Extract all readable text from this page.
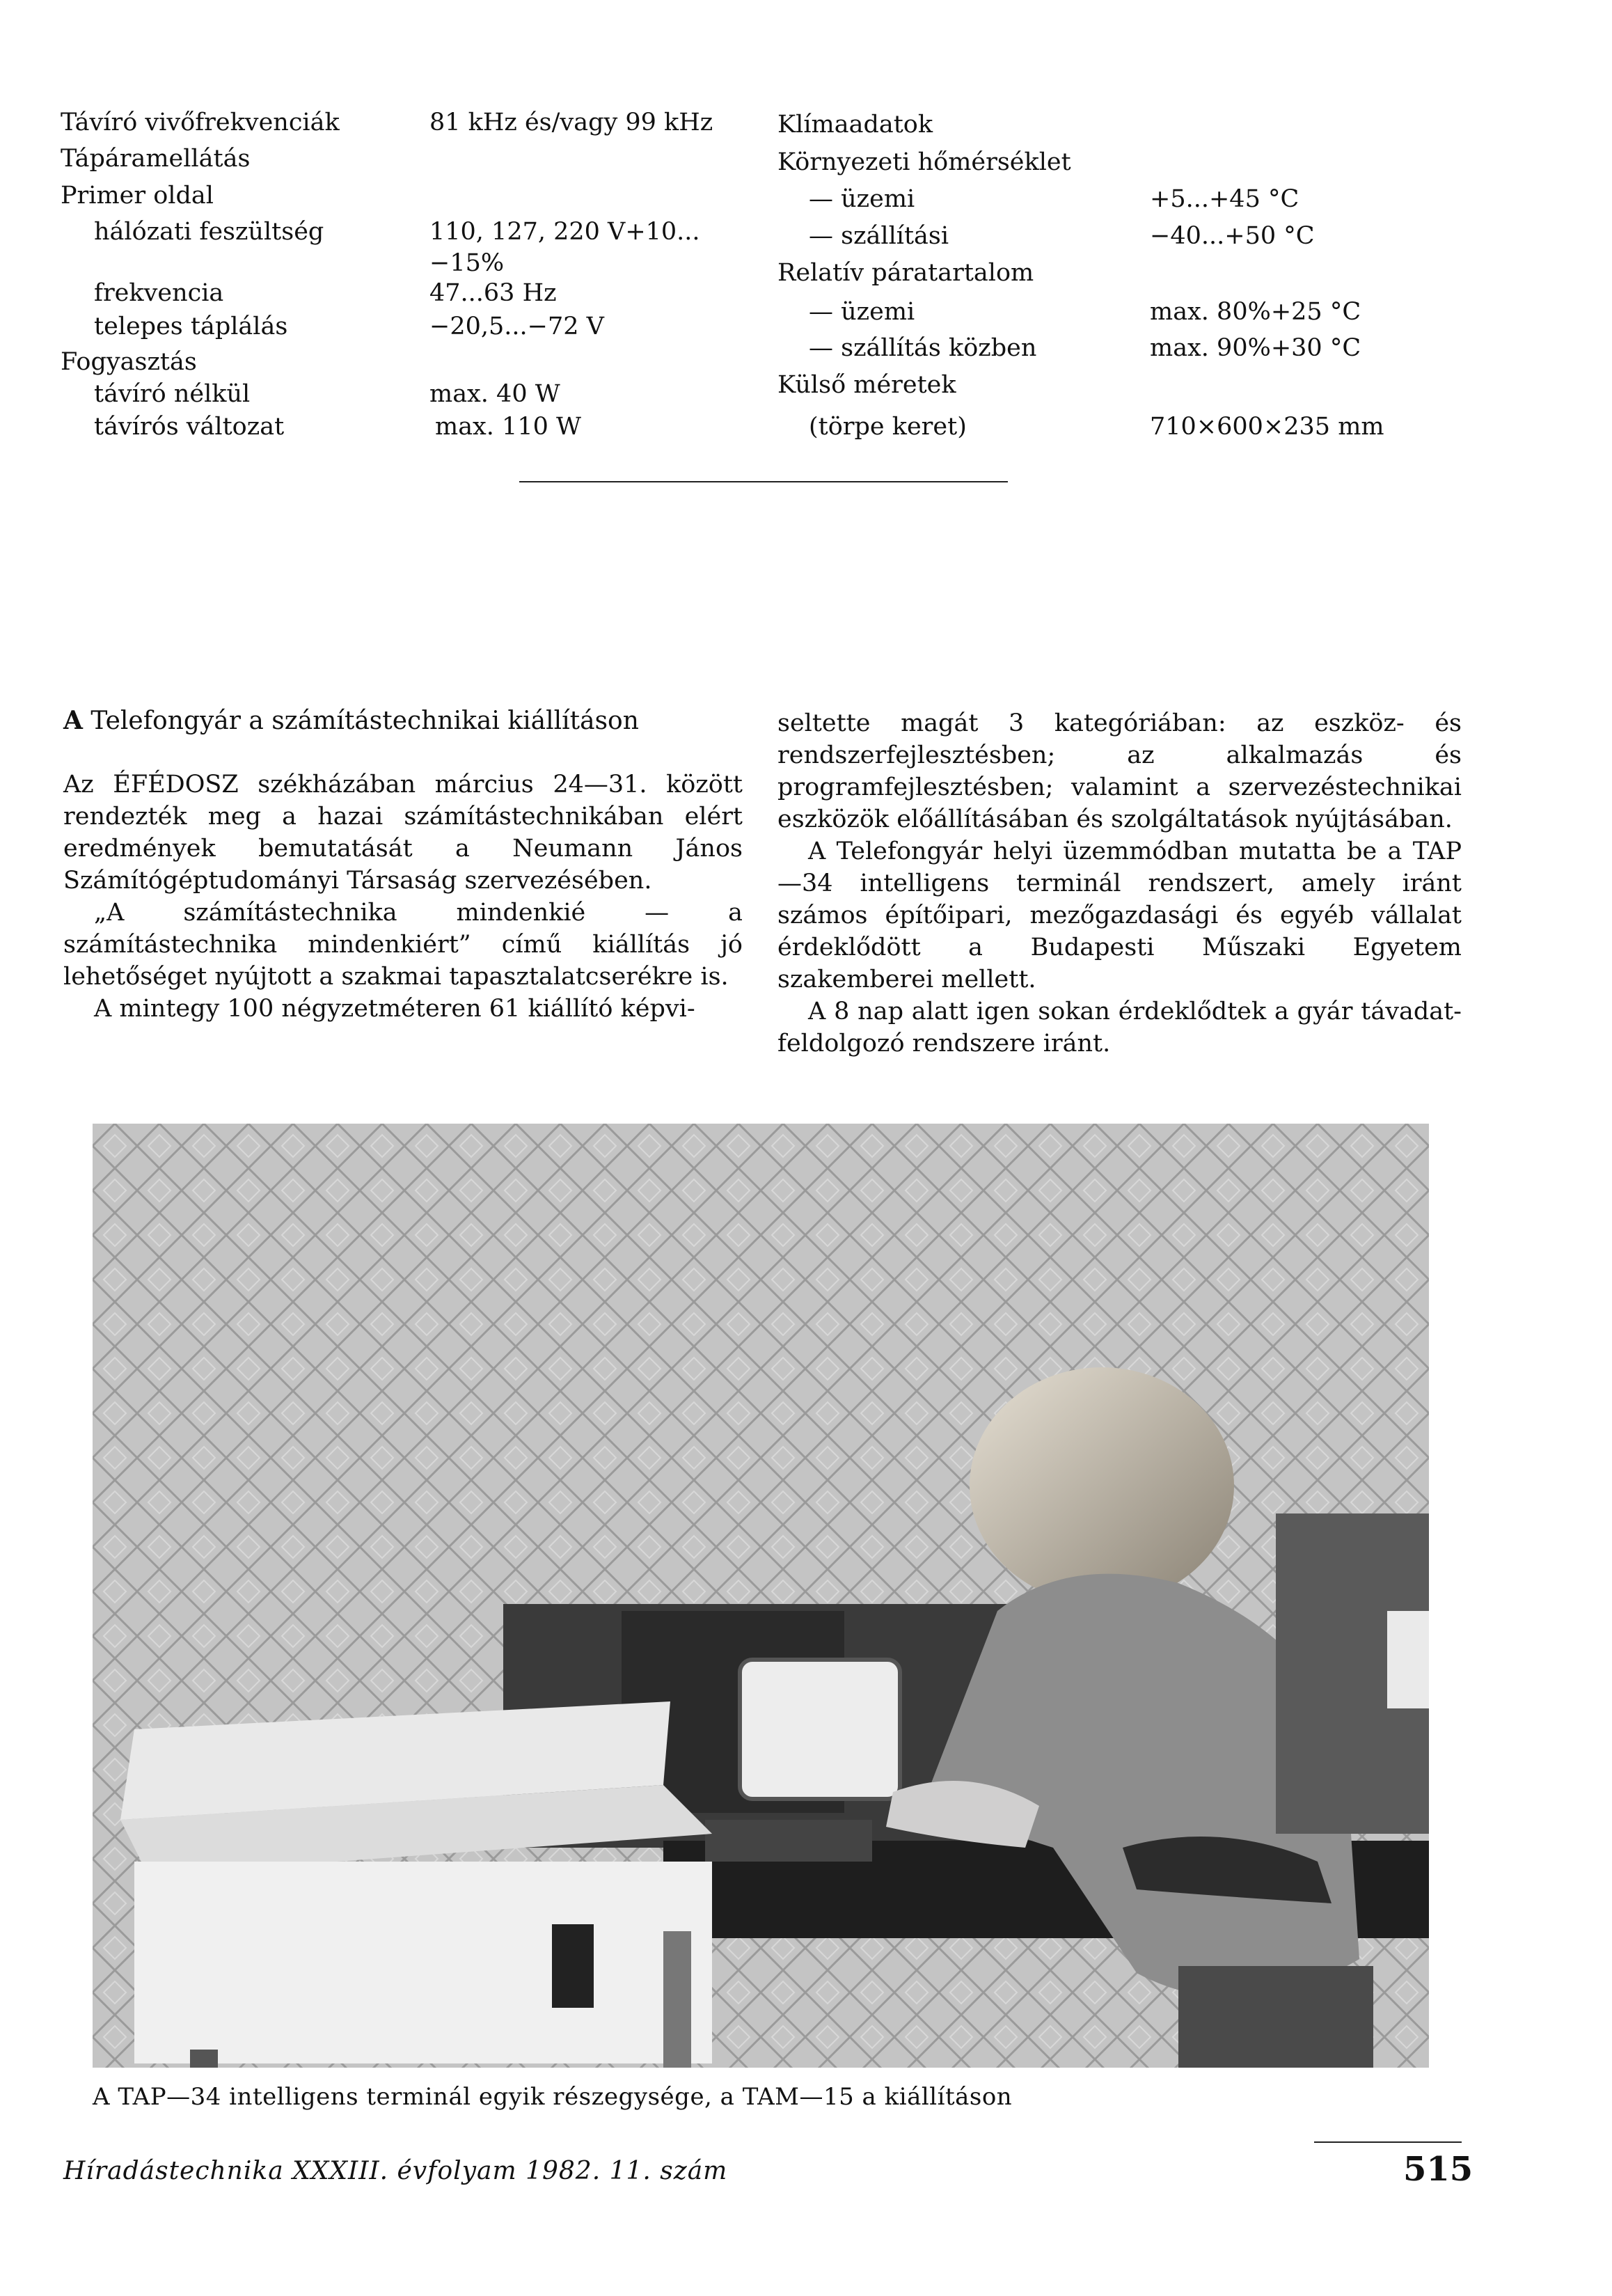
Távíró vivőfrekvenciák	81 kHz és/vagy 99 kHz
Tápáramellátás
Primer oldal
hálózati feszültség	110, 127, 220 V+10...
−15%
frekvencia	47...63 Hz
telepes táplálás	−20,5...−72 V
Fogyasztás
távíró nélkül	max. 40 W
távírós változat	max. 110 W
Klímaadatok
Környezeti hőmérséklet
— üzemi	+5...+45 °C
— szállítási	−40...+50 °C
Relatív páratartalom
— üzemi	max. 80%+25 °C
— szállítás közben	max. 90%+30 °C
Külső méretek
(törpe keret)	710×600×235 mm
A Telefongyár a számítástechnikai kiállításon

Az ÉFÉDOSZ székházában március 24—31. között rendezték meg a hazai számítástechnikában elért eredmények bemutatását a Neumann János Számítógéptudományi Társaság szervezésében.

„A számítástechnika mindenkié — a számítástechnika mindenkiért” című kiállítás jó lehetőséget nyújtott a szakmai tapasztalatcserékre is.

A mintegy 100 négyzetméteren 61 kiállító képvi-

seltette magát 3 kategóriában: az eszköz- és rendszerfejlesztésben; az alkalmazás és programfejlesztésben; valamint a szervezéstechnikai eszközök előállításában és szolgáltatások nyújtásában.

A Telefongyár helyi üzemmódban mutatta be a TAP—34 intelligens terminál rendszert, amely iránt számos építőipari, mezőgazdasági és egyéb vállalat érdeklődött a Budapesti Műszaki Egyetem szakemberei mellett.

A 8 nap alatt igen sokan érdeklődtek a gyár távadat-feldolgozó rendszere iránt.

A TAP—34 intelligens terminál egyik részegysége, a TAM—15 a kiállításon
Híradástechnika XXXIII. évfolyam 1982. 11. szám	515
